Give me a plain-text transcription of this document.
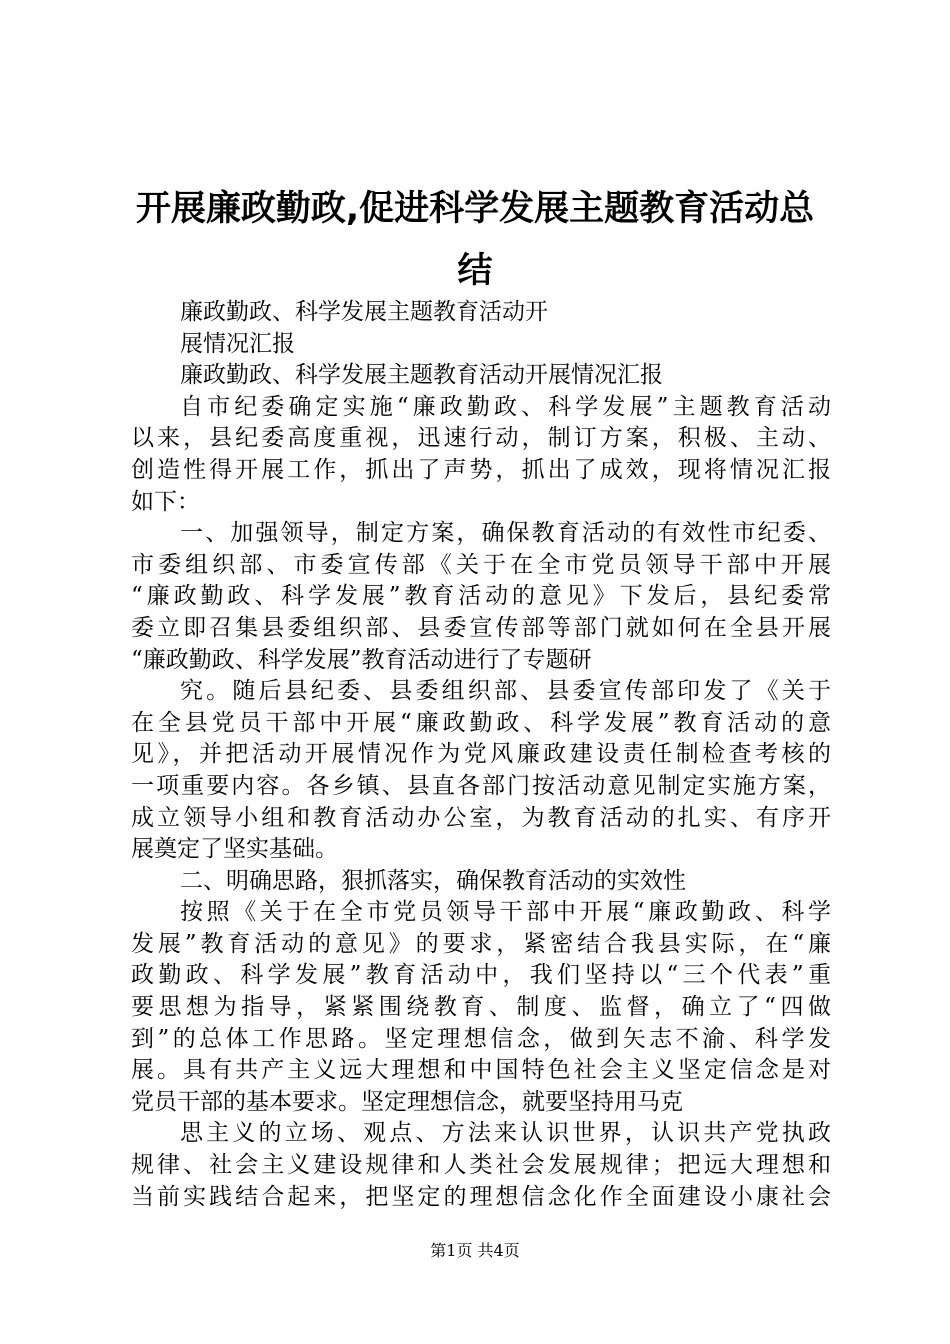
开展廉政勤政,促进科学发展主题教育活动总
结
廉政勤政、科学发展主题教育活动开
展情况汇报
廉政勤政、科学发展主题教育活动开展情况汇报
自市纪委确定实施“廉政勤政、科学发展”主题教育活动
以来，县纪委高度重视，迅速行动，制订方案，积极、主动、
创造性得开展工作，抓出了声势，抓出了成效，现将情况汇报
如下：
一、加强领导，制定方案，确保教育活动的有效性市纪委、
市委组织部、市委宣传部《关于在全市党员领导干部中开展
“廉政勤政、科学发展”教育活动的意见》下发后，县纪委常
委立即召集县委组织部、县委宣传部等部门就如何在全县开展
“廉政勤政、科学发展”教育活动进行了专题研
究。随后县纪委、县委组织部、县委宣传部印发了《关于
在全县党员干部中开展“廉政勤政、科学发展”教育活动的意
见》，并把活动开展情况作为党风廉政建设责任制检查考核的
一项重要内容。各乡镇、县直各部门按活动意见制定实施方案，
成立领导小组和教育活动办公室，为教育活动的扎实、有序开
展奠定了坚实基础。
二、明确思路，狠抓落实，确保教育活动的实效性
按照《关于在全市党员领导干部中开展“廉政勤政、科学
发展”教育活动的意见》的要求，紧密结合我县实际，在“廉
政勤政、科学发展”教育活动中，我们坚持以“三个代表”重
要思想为指导，紧紧围绕教育、制度、监督，确立了“四做
到”的总体工作思路。坚定理想信念，做到矢志不渝、科学发
展。具有共产主义远大理想和中国特色社会主义坚定信念是对
党员干部的基本要求。坚定理想信念，就要坚持用马克
思主义的立场、观点、方法来认识世界，认识共产党执政
规律、社会主义建设规律和人类社会发展规律；把远大理想和
当前实践结合起来，把坚定的理想信念化作全面建设小康社会
第1页 共4页
